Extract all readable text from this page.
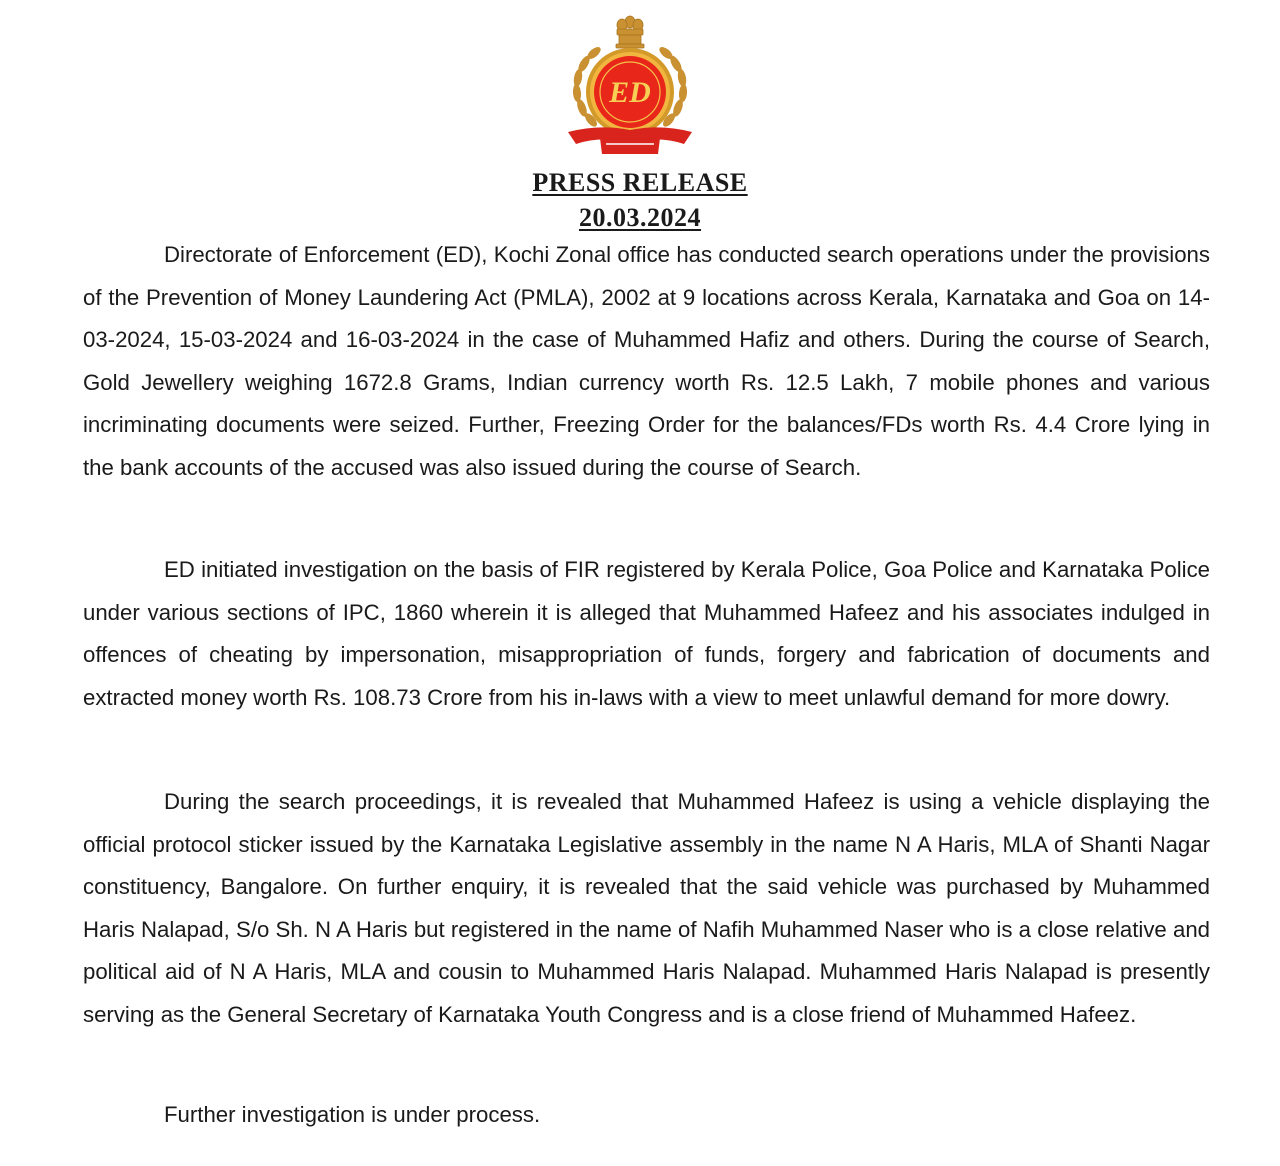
ED
PRESS RELEASE
20.03.2024

Directorate of Enforcement (ED), Kochi Zonal office has conducted search operations under the provisions of the Prevention of Money Laundering Act (PMLA), 2002 at 9 locations across Kerala, Karnataka and Goa on 14- 03-2024, 15-03-2024 and 16-03-2024 in the case of Muhammed Hafiz and others. During the course of Search, Gold Jewellery weighing 1672.8 Grams, Indian currency worth Rs. 12.5 Lakh, 7 mobile phones and various incriminating documents were seized. Further, Freezing Order for the balances/FDs worth Rs. 4.4 Crore lying in the bank accounts of the accused was also issued during the course of Search.

ED initiated investigation on the basis of FIR registered by Kerala Police, Goa Police and Karnataka Police under various sections of IPC, 1860 wherein it is alleged that Muhammed Hafeez and his associates indulged in offences of cheating by impersonation, misappropriation of funds, forgery and fabrication of documents and extracted money worth Rs. 108.73 Crore from his in-laws with a view to meet unlawful demand for more dowry.

During the search proceedings, it is revealed that Muhammed Hafeez is using a vehicle displaying the official protocol sticker issued by the Karnataka Legislative assembly in the name N A Haris, MLA of Shanti Nagar constituency, Bangalore. On further enquiry, it is revealed that the said vehicle was purchased by Muhammed Haris Nalapad, S/o Sh. N A Haris but registered in the name of Nafih Muhammed Naser who is a close relative and political aid of N A Haris, MLA and cousin to Muhammed Haris Nalapad. Muhammed Haris Nalapad is presently serving as the General Secretary of Karnataka Youth Congress and is a close friend of Muhammed Hafeez.

Further investigation is under process.
